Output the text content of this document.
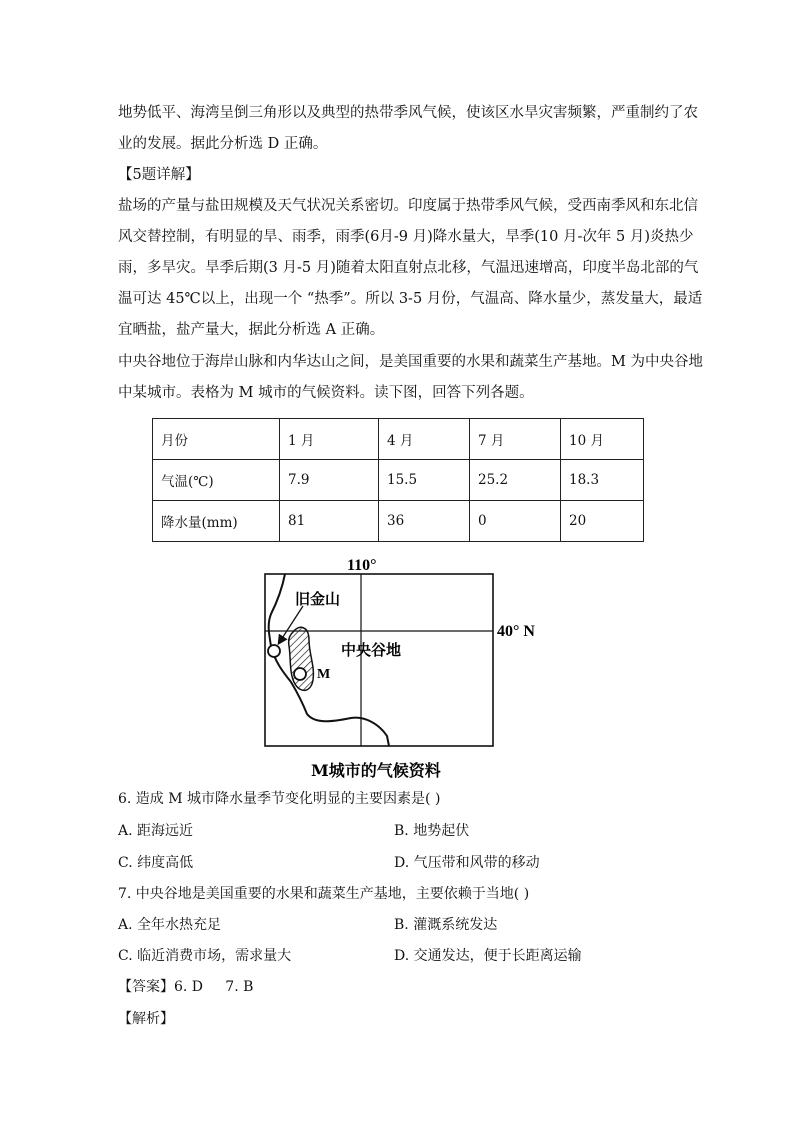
地势低平、海湾呈倒三角形以及典型的热带季风气候，使该区水旱灾害频繁，严重制约了农
业的发展。据此分析选 D 正确。
【5题详解】
盐场的产量与盐田规模及天气状况关系密切。印度属于热带季风气候，受西南季风和东北信
风交替控制，有明显的旱、雨季，雨季(6月-9 月)降水量大，旱季(10 月-次年 5 月)炎热少
雨，多旱灾。旱季后期(3 月-5 月)随着太阳直射点北移，气温迅速增高，印度半岛北部的气
温可达 45℃以上，出现一个 “热季”。所以 3-5 月份，气温高、降水量少，蒸发量大，最适
宜晒盐，盐产量大，据此分析选 A 正确。
中央谷地位于海岸山脉和内华达山之间，是美国重要的水果和蔬菜生产基地。M 为中央谷地
中某城市。表格为 M 城市的气候资料。读下图，回答下列各题。
月份	1 月	4 月	7 月	10 月
气温(℃)	7.9	15.5	25.2	18.3
降水量(mm)	81	36	0	20
110°
40° N
旧金山
中央谷地
M
M城市的气候资料
6. 造成 M 城市降水量季节变化明显的主要因素是( )
A. 距海远近	B. 地势起伏
C. 纬度高低	D. 气压带和风带的移动
7. 中央谷地是美国重要的水果和蔬菜生产基地，主要依赖于当地( )
A. 全年水热充足	B. 灌溉系统发达
C. 临近消费市场，需求量大	D. 交通发达，便于长距离运输
【答案】6. D     7. B
【解析】
